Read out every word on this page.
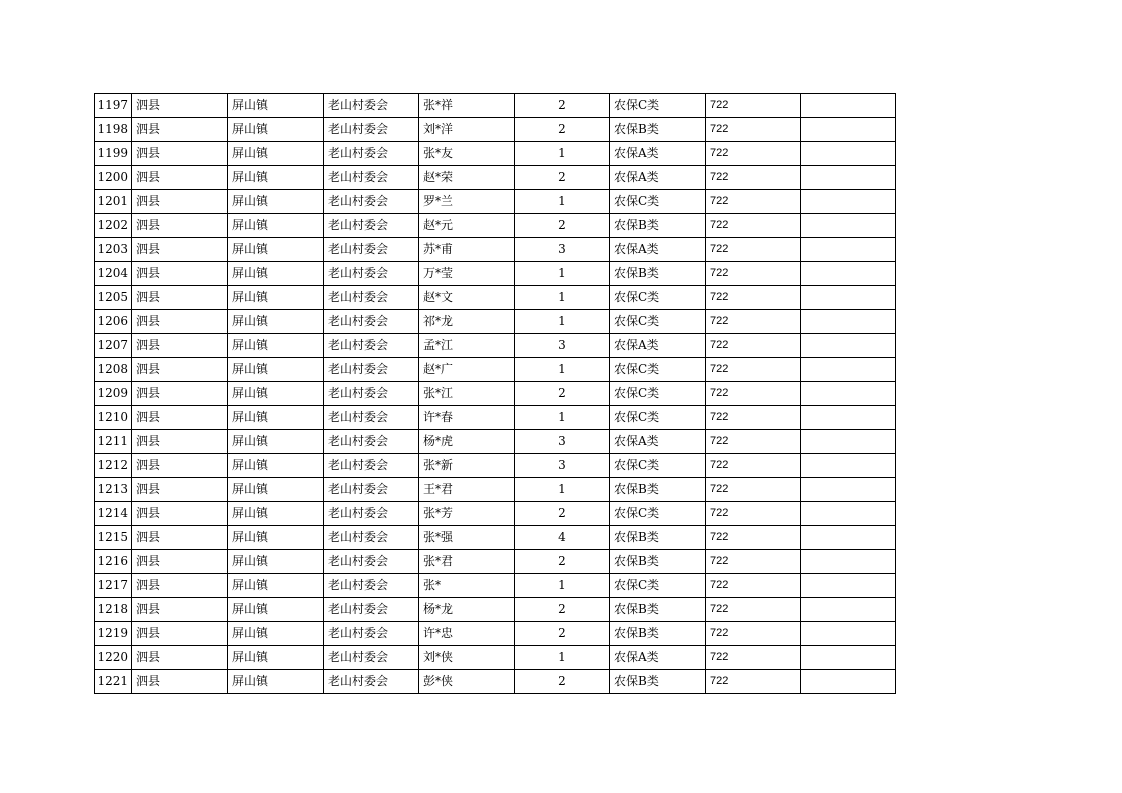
1197	泗县	屏山镇	老山村委会	张*祥	2	农保C类	722	
1198	泗县	屏山镇	老山村委会	刘*洋	2	农保B类	722	
1199	泗县	屏山镇	老山村委会	张*友	1	农保A类	722	
1200	泗县	屏山镇	老山村委会	赵*荣	2	农保A类	722	
1201	泗县	屏山镇	老山村委会	罗*兰	1	农保C类	722	
1202	泗县	屏山镇	老山村委会	赵*元	2	农保B类	722	
1203	泗县	屏山镇	老山村委会	苏*甫	3	农保A类	722	
1204	泗县	屏山镇	老山村委会	万*莹	1	农保B类	722	
1205	泗县	屏山镇	老山村委会	赵*文	1	农保C类	722	
1206	泗县	屏山镇	老山村委会	祁*龙	1	农保C类	722	
1207	泗县	屏山镇	老山村委会	孟*江	3	农保A类	722	
1208	泗县	屏山镇	老山村委会	赵*广	1	农保C类	722	
1209	泗县	屏山镇	老山村委会	张*江	2	农保C类	722	
1210	泗县	屏山镇	老山村委会	许*春	1	农保C类	722	
1211	泗县	屏山镇	老山村委会	杨*虎	3	农保A类	722	
1212	泗县	屏山镇	老山村委会	张*新	3	农保C类	722	
1213	泗县	屏山镇	老山村委会	王*君	1	农保B类	722	
1214	泗县	屏山镇	老山村委会	张*芳	2	农保C类	722	
1215	泗县	屏山镇	老山村委会	张*强	4	农保B类	722	
1216	泗县	屏山镇	老山村委会	张*君	2	农保B类	722	
1217	泗县	屏山镇	老山村委会	张*	1	农保C类	722	
1218	泗县	屏山镇	老山村委会	杨*龙	2	农保B类	722	
1219	泗县	屏山镇	老山村委会	许*忠	2	农保B类	722	
1220	泗县	屏山镇	老山村委会	刘*侠	1	农保A类	722	
1221	泗县	屏山镇	老山村委会	彭*侠	2	农保B类	722	
